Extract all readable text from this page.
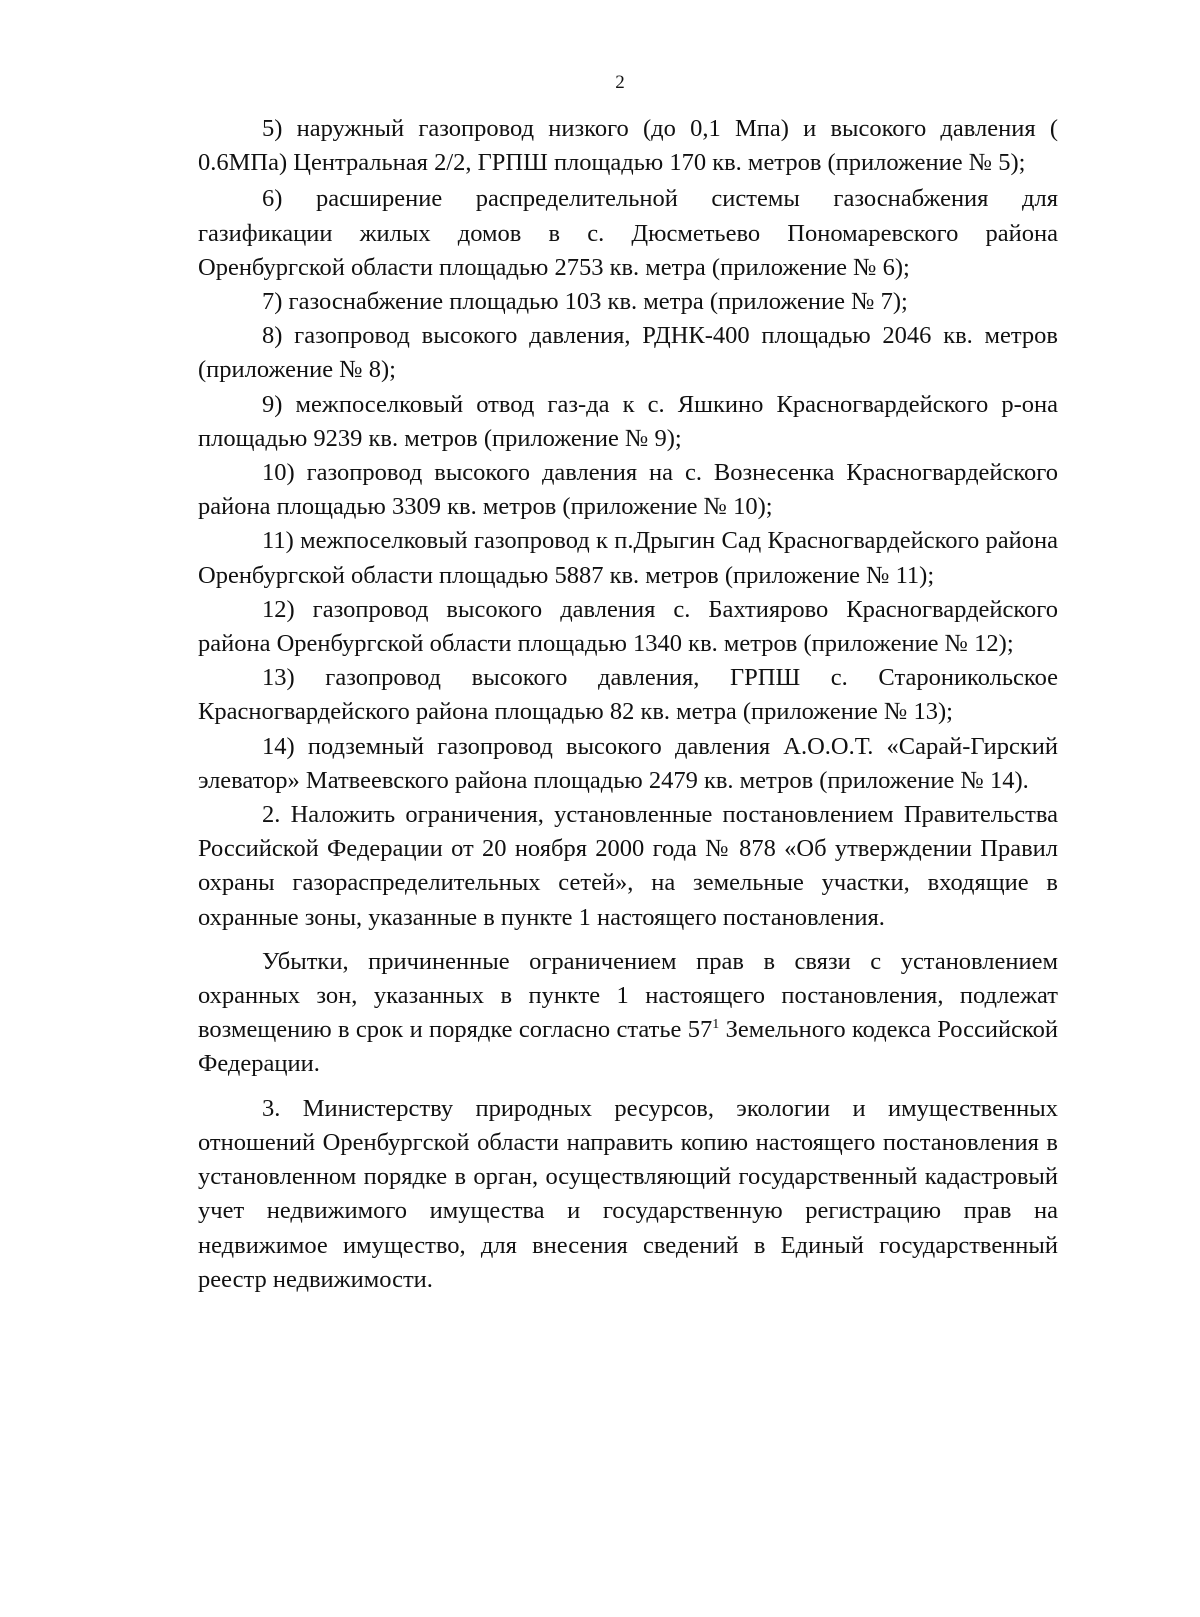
2

5) наружный газопровод низкого (до 0,1 Мпа) и высокого давления ( 0.6МПа) Центральная 2/2, ГРПШ площадью 170 кв. метров (приложение № 5);

6) расширение распределительной системы газоснабжения для газификации жилых домов в с. Дюсметьево Пономаревского района Оренбургской области площадью 2753 кв. метра (приложение № 6);

7) газоснабжение площадью 103 кв. метра (приложение № 7);

8) газопровод высокого давления, РДНК-400 площадью 2046 кв. метров (приложение № 8);

9) межпоселковый отвод газ-да к с. Яшкино Красногвардейского р-она площадью 9239 кв. метров (приложение № 9);

10) газопровод высокого давления на с. Вознесенка Красногвардейского района площадью 3309 кв. метров (приложение № 10);

11) межпоселковый газопровод к п.Дрыгин Сад Красногвардейского района Оренбургской области площадью 5887 кв. метров (приложение № 11);

12) газопровод высокого давления с. Бахтиярово Красногвардейского района Оренбургской области площадью 1340 кв. метров (приложение № 12);

13) газопровод высокого давления, ГРПШ с. Староникольское Красногвардейского района площадью 82 кв. метра (приложение № 13);

14) подземный газопровод высокого давления А.О.О.Т. «Сарай-Гирский элеватор» Матвеевского района площадью 2479 кв. метров (приложение № 14).

2. Наложить ограничения, установленные постановлением Правительства Российской Федерации от 20 ноября 2000 года № 878 «Об утверждении Правил охраны газораспределительных сетей», на земельные участки, входящие в охранные зоны, указанные в пункте 1 настоящего постановления.

Убытки, причиненные ограничением прав в связи с установлением охранных зон, указанных в пункте 1 настоящего постановления, подлежат возмещению в срок и порядке согласно статье $57^1$ Земельного кодекса Российской Федерации.

3. Министерству природных ресурсов, экологии и имущественных отношений Оренбургской области направить копию настоящего постановления в установленном порядке в орган, осуществляющий государственный кадастровый учет недвижимого имущества и государственную регистрацию прав на недвижимое имущество, для внесения сведений в Единый государственный реестр недвижимости.
